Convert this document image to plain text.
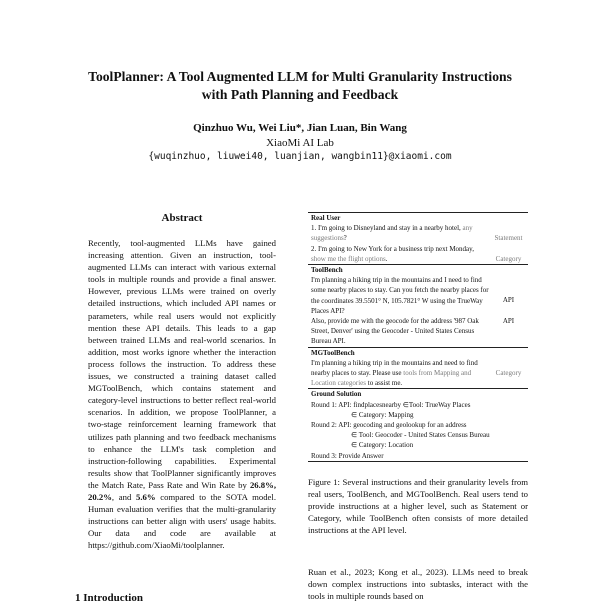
ToolPlanner: A Tool Augmented LLM for Multi Granularity Instructions
with Path Planning and Feedback
Qinzhuo Wu, Wei Liu*, Jian Luan, Bin Wang
XiaoMi AI Lab
{wuqinzhuo, liuwei40, luanjian, wangbin11}@xiaomi.com
Abstract
Recently, tool-augmented LLMs have gained increasing attention. Given an instruction, tool-augmented LLMs can interact with various external tools in multiple rounds and provide a final answer. However, previous LLMs were trained on overly detailed instructions, which included API names or parameters, while real users would not explicitly mention these API details. This leads to a gap between trained LLMs and real-world scenarios. In addition, most works ignore whether the interaction process follows the instruction. To address these issues, we constructed a training dataset called MGToolBench, which contains statement and category-level instructions to better reflect real-world scenarios. In addition, we propose ToolPlanner, a two-stage reinforcement learning framework that utilizes path planning and two feedback mechanisms to enhance the LLM's task completion and instruction-following capabilities. Experimental results show that ToolPlanner significantly improves the Match Rate, Pass Rate and Win Rate by 26.8%, 20.2%, and 5.6% compared to the SOTA model. Human evaluation verifies that the multi-granularity instructions can better align with users' usage habits. Our data and code are available at https://github.com/XiaoMi/toolplanner.
1 Introduction
Real User
1. I'm going to Disneyland and stay in a nearby hotel, any suggestions?	Statement
2. I'm going to New York for a business trip next Monday, show me the flight options.	Category
ToolBench
I'm planning a hiking trip in the mountains and I need to find some nearby places to stay. Can you fetch the nearby places for the coordinates 39.5501° N, 105.7821° W using the TrueWay Places API?
API
Also, provide me with the geocode for the address '987 Oak Street, Denver' using the Geocoder - United States Census Bureau API.
API
MGToolBench
I'm planning a hiking trip in the mountains and need to find nearby places to stay. Please use tools from Mapping and Location categories to assist me.
Category
Ground Solution
Round 1: API: findplacesnearby ∈Tool: TrueWay Places
∈ Category: Mapping
Round 2: API: geocoding and geolookup for an address
∈ Tool: Geocoder - United States Census Bureau
∈ Category: Location
Round 3: Provide Answer
Figure 1: Several instructions and their granularity levels from real users, ToolBench, and MGToolBench. Real users tend to provide instructions at a higher level, such as Statement or Category, while ToolBench often consists of more detailed instructions at the API level.
Ruan et al., 2023; Kong et al., 2023). LLMs need to break down complex instructions into subtasks, interact with the tools in multiple rounds based on
